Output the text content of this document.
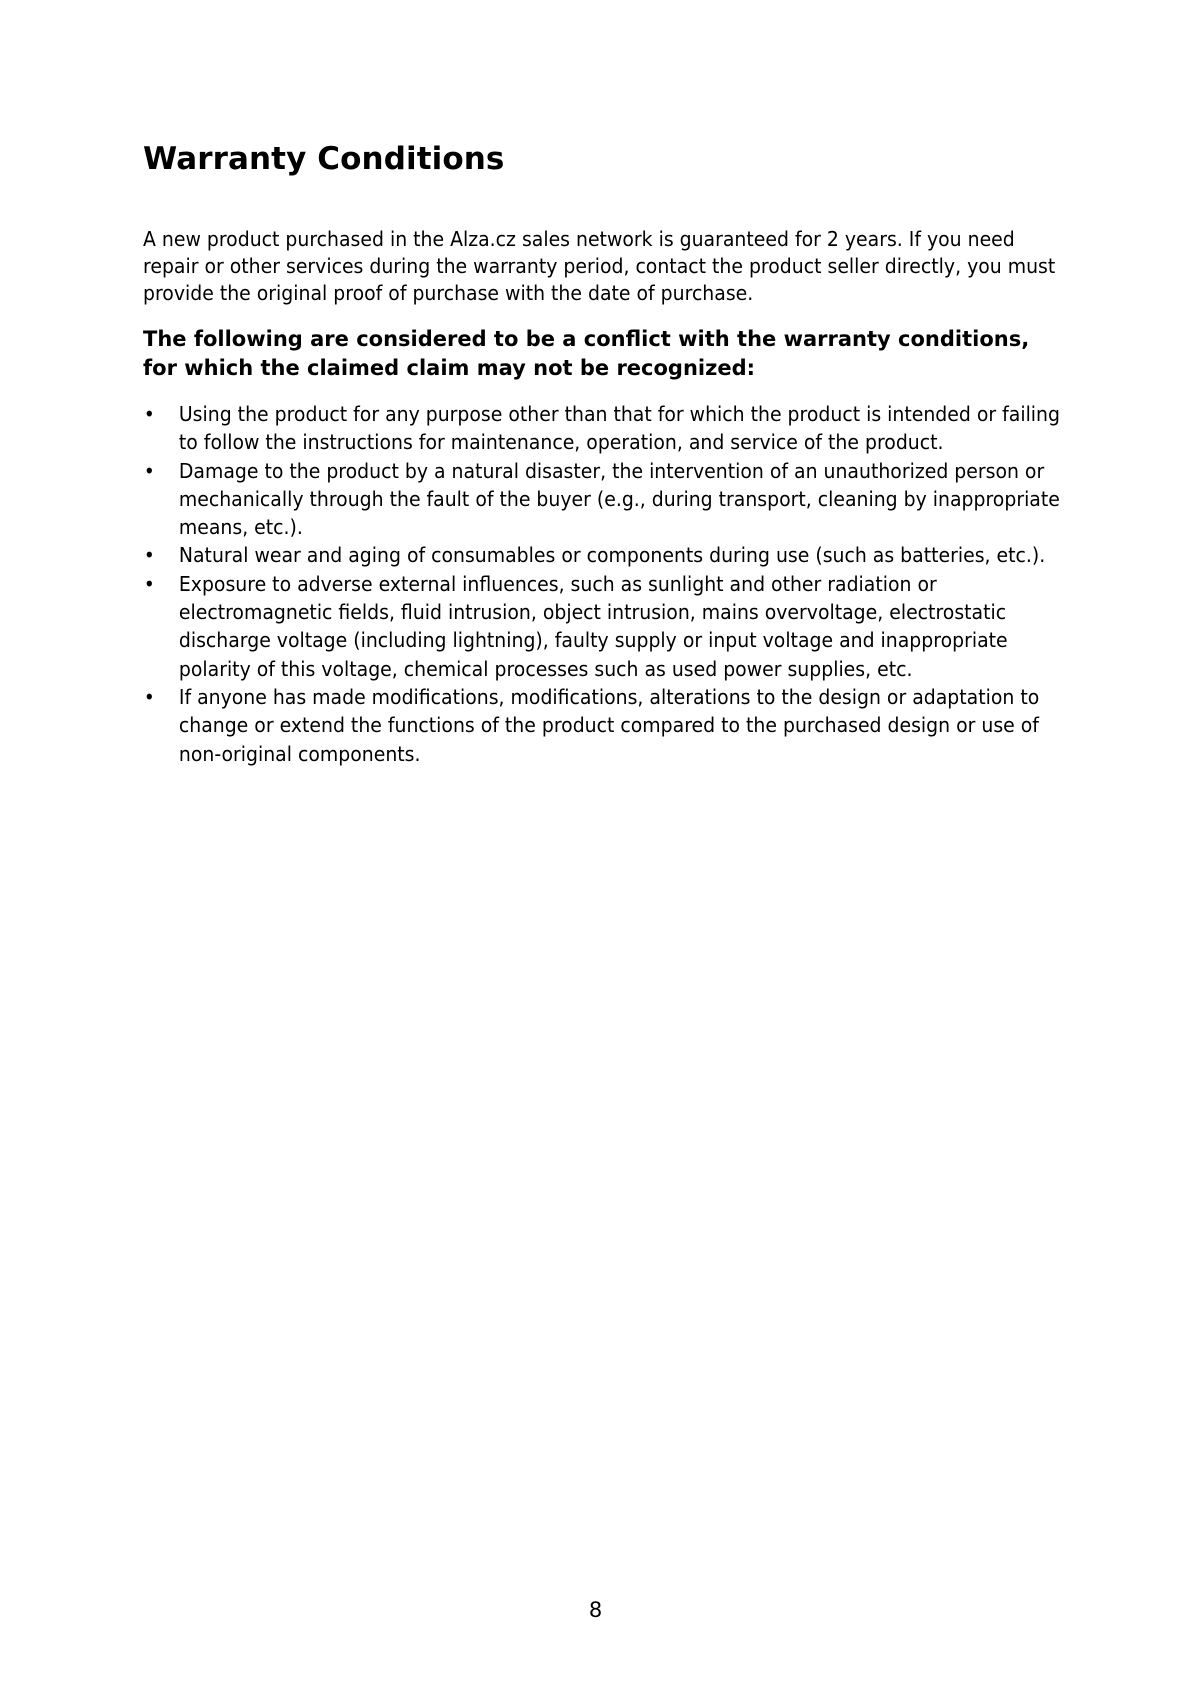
Warranty Conditions

A new product purchased in the Alza.cz sales network is guaranteed for 2 years. If you need repair or other services during the warranty period, contact the product seller directly, you must provide the original proof of purchase with the date of purchase.

The following are considered to be a conflict with the warranty conditions, for which the claimed claim may not be recognized:

•	Using the product for any purpose other than that for which the product is intended or failing to follow the instructions for maintenance, operation, and service of the product.
•	Damage to the product by a natural disaster, the intervention of an unauthorized person or mechanically through the fault of the buyer (e.g., during transport, cleaning by inappropriate means, etc.).
•	Natural wear and aging of consumables or components during use (such as batteries, etc.).
•	Exposure to adverse external influences, such as sunlight and other radiation or electromagnetic fields, fluid intrusion, object intrusion, mains overvoltage, electrostatic discharge voltage (including lightning), faulty supply or input voltage and inappropriate polarity of this voltage, chemical processes such as used power supplies, etc.
•	If anyone has made modifications, modifications, alterations to the design or adaptation to change or extend the functions of the product compared to the purchased design or use of non-original components.
8
